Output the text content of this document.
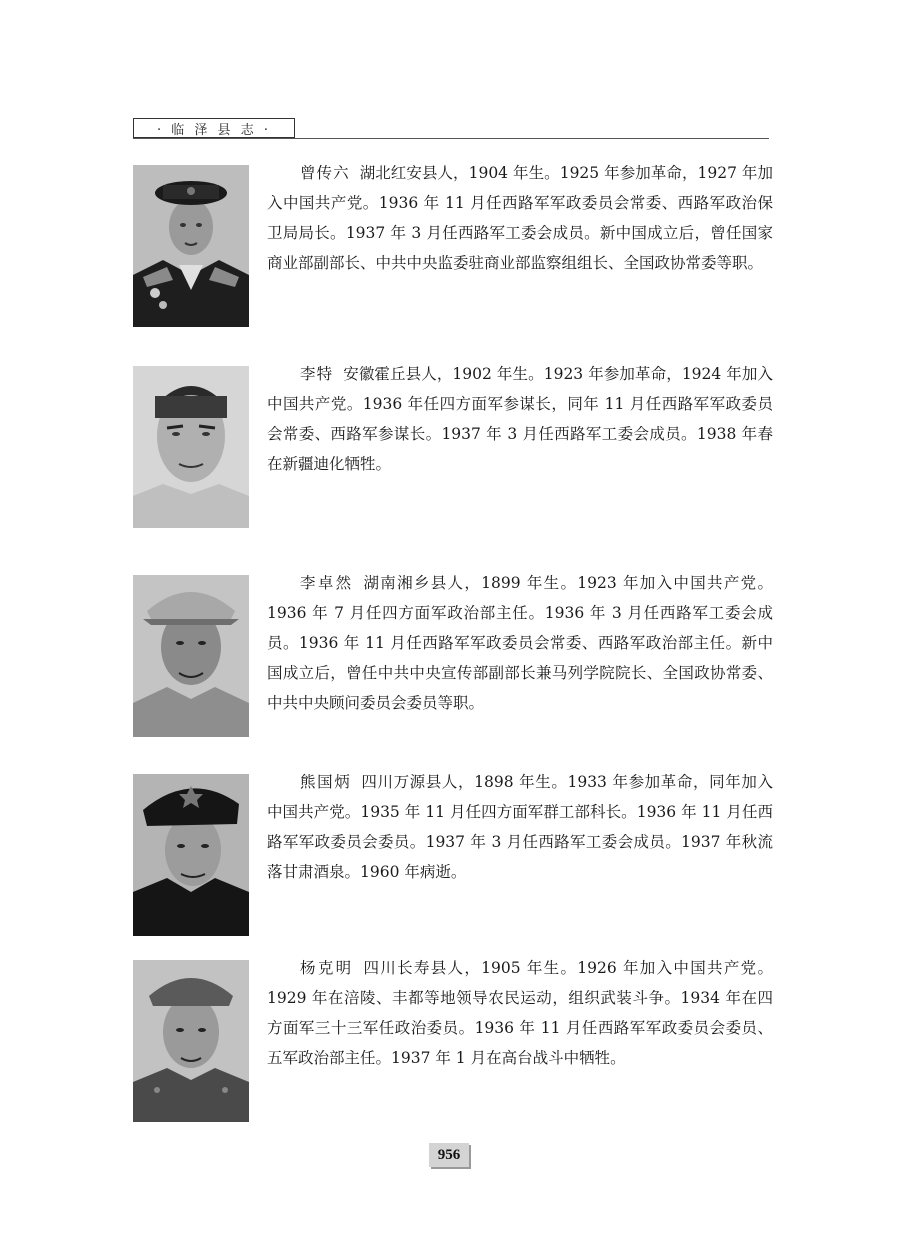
· 临 泽 县 志 ·

曾传六 湖北红安县人，1904 年生。1925 年参加革命，1927 年加入中国共产党。1936 年 11 月任西路军军政委员会常委、西路军政治保卫局局长。1937 年 3 月任西路军工委会成员。新中国成立后，曾任国家商业部副部长、中共中央监委驻商业部监察组组长、全国政协常委等职。

李特 安徽霍丘县人，1902 年生。1923 年参加革命，1924 年加入中国共产党。1936 年任四方面军参谋长，同年 11 月任西路军军政委员会常委、西路军参谋长。1937 年 3 月任西路军工委会成员。1938 年春在新疆迪化牺牲。

李卓然 湖南湘乡县人，1899 年生。1923 年加入中国共产党。1936 年 7 月任四方面军政治部主任。1936 年 3 月任西路军工委会成员。1936 年 11 月任西路军军政委员会常委、西路军政治部主任。新中国成立后，曾任中共中央宣传部副部长兼马列学院院长、全国政协常委、中共中央顾问委员会委员等职。

熊国炳 四川万源县人，1898 年生。1933 年参加革命，同年加入中国共产党。1935 年 11 月任四方面军群工部科长。1936 年 11 月任西路军军政委员会委员。1937 年 3 月任西路军工委会成员。1937 年秋流落甘肃酒泉。1960 年病逝。

杨克明 四川长寿县人，1905 年生。1926 年加入中国共产党。1929 年在涪陵、丰都等地领导农民运动，组织武装斗争。1934 年在四方面军三十三军任政治委员。1936 年 11 月任西路军军政委员会委员、五军政治部主任。1937 年 1 月在高台战斗中牺牲。

956
